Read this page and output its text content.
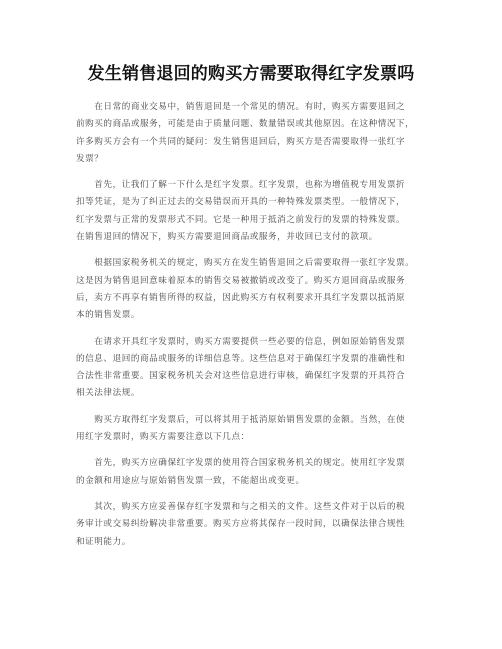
发生销售退回的购买方需要取得红字发票吗

　　在日常的商业交易中，销售退回是一个常见的情况。有时，购买方需要退回之
前购买的商品或服务，可能是由于质量问题、数量错误或其他原因。在这种情况下，
许多购买方会有一个共同的疑问：发生销售退回后，购买方是否需要取得一张红字
发票？

　　首先，让我们了解一下什么是红字发票。红字发票，也称为增值税专用发票折
扣等凭证，是为了纠正过去的交易错误而开具的一种特殊发票类型。一般情况下，
红字发票与正常的发票形式不同。它是一种用于抵消之前发行的发票的特殊发票。
在销售退回的情况下，购买方需要退回商品或服务，并收回已支付的款项。

　　根据国家税务机关的规定，购买方在发生销售退回之后需要取得一张红字发票。
这是因为销售退回意味着原本的销售交易被撤销或改变了。购买方退回商品或服务
后，卖方不再享有销售所得的权益，因此购买方有权利要求开具红字发票以抵消原
本的销售发票。

　　在请求开具红字发票时，购买方需要提供一些必要的信息，例如原始销售发票
的信息、退回的商品或服务的详细信息等。这些信息对于确保红字发票的准确性和
合法性非常重要。国家税务机关会对这些信息进行审核，确保红字发票的开具符合
相关法律法规。

　　购买方取得红字发票后，可以将其用于抵消原始销售发票的金额。当然，在使
用红字发票时，购买方需要注意以下几点：

　　首先，购买方应确保红字发票的使用符合国家税务机关的规定。使用红字发票
的金额和用途应与原始销售发票一致，不能超出或变更。

　　其次，购买方应妥善保存红字发票和与之相关的文件。这些文件对于以后的税
务审计或交易纠纷解决非常重要。购买方应将其保存一段时间，以确保法律合规性
和证明能力。
